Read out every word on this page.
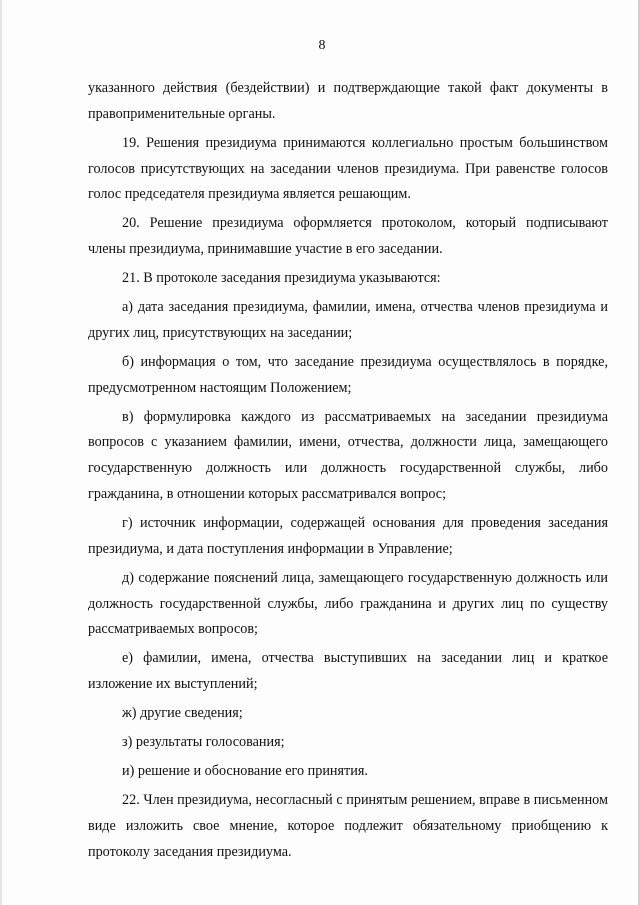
8

указанного действия (бездействии) и подтверждающие такой факт документы в правоприменительные органы.

19. Решения президиума принимаются коллегиально простым большинством голосов присутствующих на заседании членов президиума. При равенстве голосов голос председателя президиума является решающим.

20. Решение президиума оформляется протоколом, который подписывают члены президиума, принимавшие участие в его заседании.

21. В протоколе заседания президиума указываются:

а) дата заседания президиума, фамилии, имена, отчества членов президиума и других лиц, присутствующих на заседании;

б) информация о том, что заседание президиума осуществлялось в порядке, предусмотренном настоящим Положением;

в) формулировка каждого из рассматриваемых на заседании президиума вопросов с указанием фамилии, имени, отчества, должности лица, замещающего государственную должность или должность государственной службы, либо гражданина, в отношении которых рассматривался вопрос;

г) источник информации, содержащей основания для проведения заседания президиума, и дата поступления информации в Управление;

д) содержание пояснений лица, замещающего государственную должность или должность государственной службы, либо гражданина и других лиц по существу рассматриваемых вопросов;

е) фамилии, имена, отчества выступивших на заседании лиц и краткое изложение их выступлений;

ж) другие сведения;

з) результаты голосования;

и) решение и обоснование его принятия.

22. Член президиума, несогласный с принятым решением, вправе в письменном виде изложить свое мнение, которое подлежит обязательному приобщению к протоколу заседания президиума.
